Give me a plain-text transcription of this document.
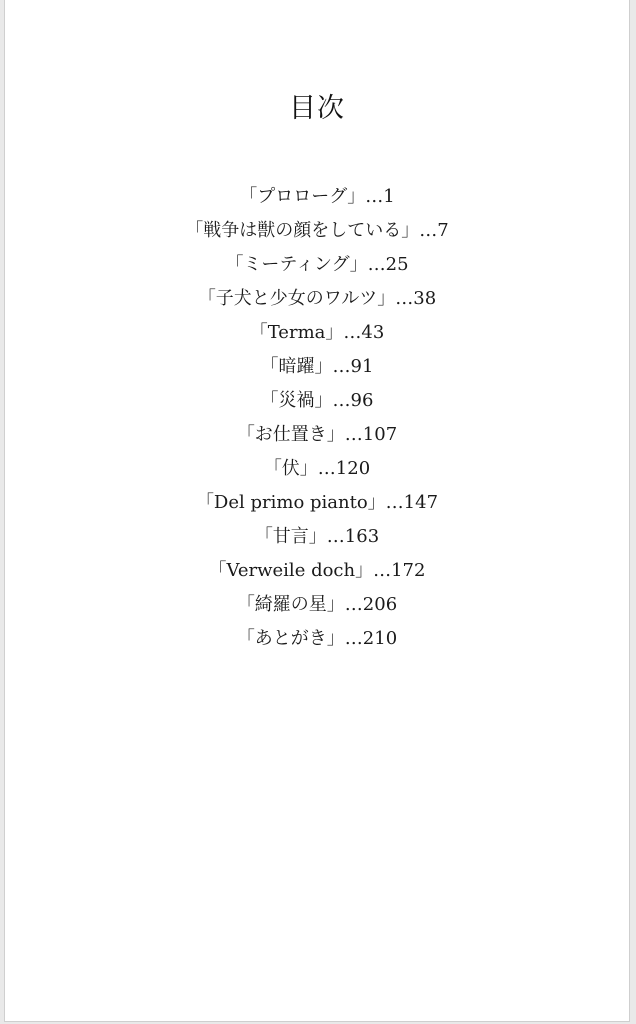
目次
「プロローグ」…1
「戦争は獣の顔をしている」…7
「ミーティング」…25
「子犬と少女のワルツ」…38
「Terma」…43
「暗躍」…91
「災禍」…96
「お仕置き」…107
「伏」…120
「Del primo pianto」…147
「甘言」…163
「Verweile doch」…172
「綺羅の星」…206
「あとがき」…210
